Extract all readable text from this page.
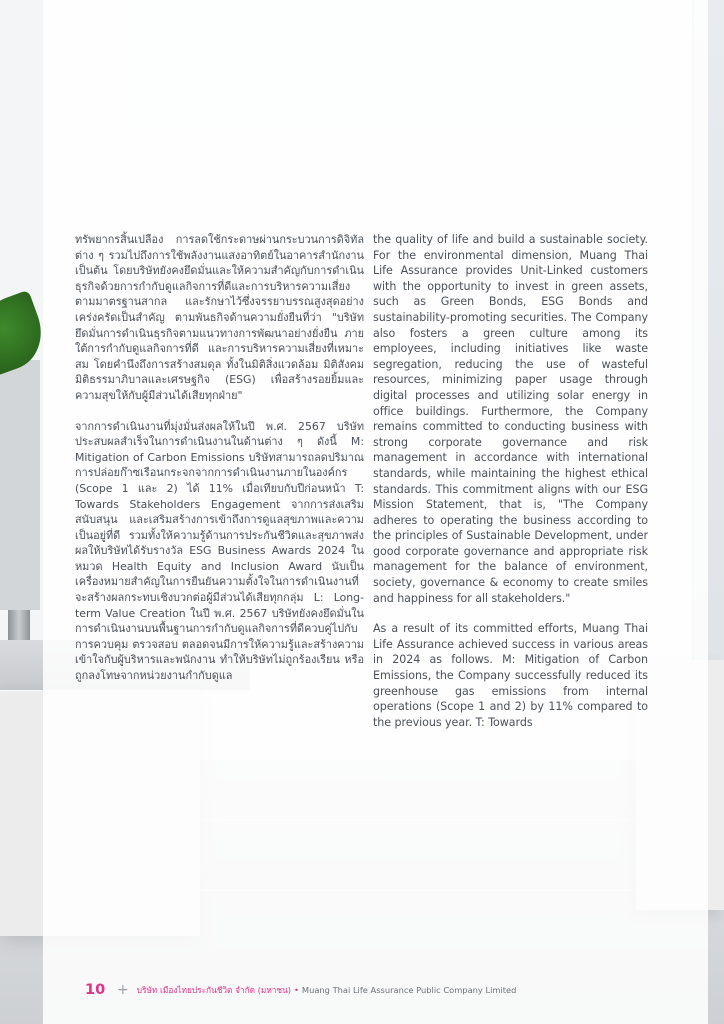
ทรัพยากรสิ้นเปลือง การลดใช้กระดาษผ่านกระบวนการดิจิทัล ต่าง ๆ รวมไปถึงการใช้พลังงานแสงอาทิตย์ในอาคารสำนักงาน เป็นต้น โดยบริษัทยังคงยึดมั่นและให้ความสำคัญกับการดำเนินธุรกิจด้วยการกำกับดูแลกิจการที่ดีและการบริหารความเสี่ยงตามมาตรฐานสากล และรักษาไว้ซึ่งจรรยาบรรณสูงสุดอย่างเคร่งครัดเป็นสำคัญ ตามพันธกิจด้านความยั่งยืนที่ว่า "บริษัทยึดมั่นการดำเนินธุรกิจตามแนวทางการพัฒนาอย่างยั่งยืน ภายใต้การกำกับดูแลกิจการที่ดี และการบริหารความเสี่ยงที่เหมาะสม โดยคำนึงถึงการสร้างสมดุล ทั้งในมิติสิ่งแวดล้อม มิติสังคม มิติธรรมาภิบาลและเศรษฐกิจ (ESG) เพื่อสร้างรอยยิ้มและความสุขให้กับผู้มีส่วนได้เสียทุกฝ่าย"

จากการดำเนินงานที่มุ่งมั่นส่งผลให้ในปี พ.ศ. 2567 บริษัทประสบผลสำเร็จในการดำเนินงานในด้านต่าง ๆ ดังนี้ M: Mitigation of Carbon Emissions บริษัทสามารถลดปริมาณการปล่อยก๊าซเรือนกระจกจากการดำเนินงานภายในองค์กร (Scope 1 และ 2) ได้ 11% เมื่อเทียบกับปีก่อนหน้า T: Towards Stakeholders Engagement จากการส่งเสริมสนับสนุน และเสริมสร้างการเข้าถึงการดูแลสุขภาพและความเป็นอยู่ที่ดี รวมทั้งให้ความรู้ด้านการประกันชีวิตและสุขภาพส่งผลให้บริษัทได้รับรางวัล ESG Business Awards 2024 ในหมวด Health Equity and Inclusion Award นับเป็นเครื่องหมายสำคัญในการยืนยันความตั้งใจในการดำเนินงานที่จะสร้างผลกระทบเชิงบวกต่อผู้มีส่วนได้เสียทุกกลุ่ม L: Long-term Value Creation ในปี พ.ศ. 2567 บริษัทยังคงยึดมั่นในการดำเนินงานบนพื้นฐานการกำกับดูแลกิจการที่ดีควบคู่ไปกับการควบคุม ตรวจสอบ ตลอดจนมีการให้ความรู้และสร้างความเข้าใจกับผู้บริหารและพนักงาน ทำให้บริษัทไม่ถูกร้องเรียน หรือถูกลงโทษจากหน่วยงานกำกับดูแล

the quality of life and build a sustainable society. For the environmental dimension, Muang Thai Life Assurance provides Unit-Linked customers with the opportunity to invest in green assets, such as Green Bonds, ESG Bonds and sustainability-promoting securities. The Company also fosters a green culture among its employees, including initiatives like waste segregation, reducing the use of wasteful resources, minimizing paper usage through digital processes and utilizing solar energy in office buildings. Furthermore, the Company remains committed to conducting business with strong corporate governance and risk management in accordance with international standards, while maintaining the highest ethical standards. This commitment aligns with our ESG Mission Statement, that is, "The Company adheres to operating the business according to the principles of Sustainable Development, under good corporate governance and appropriate risk management for the balance of environment, society, governance & economy to create smiles and happiness for all stakeholders."

As a result of its committed efforts, Muang Thai Life Assurance achieved success in various areas in 2024 as follows. M: Mitigation of Carbon Emissions, the Company successfully reduced its greenhouse gas emissions from internal operations (Scope 1 and 2) by 11% compared to the previous year. T: Towards

10 + บริษัท เมืองไทยประกันชีวิต จำกัด (มหาชน) • Muang Thai Life Assurance Public Company Limited
